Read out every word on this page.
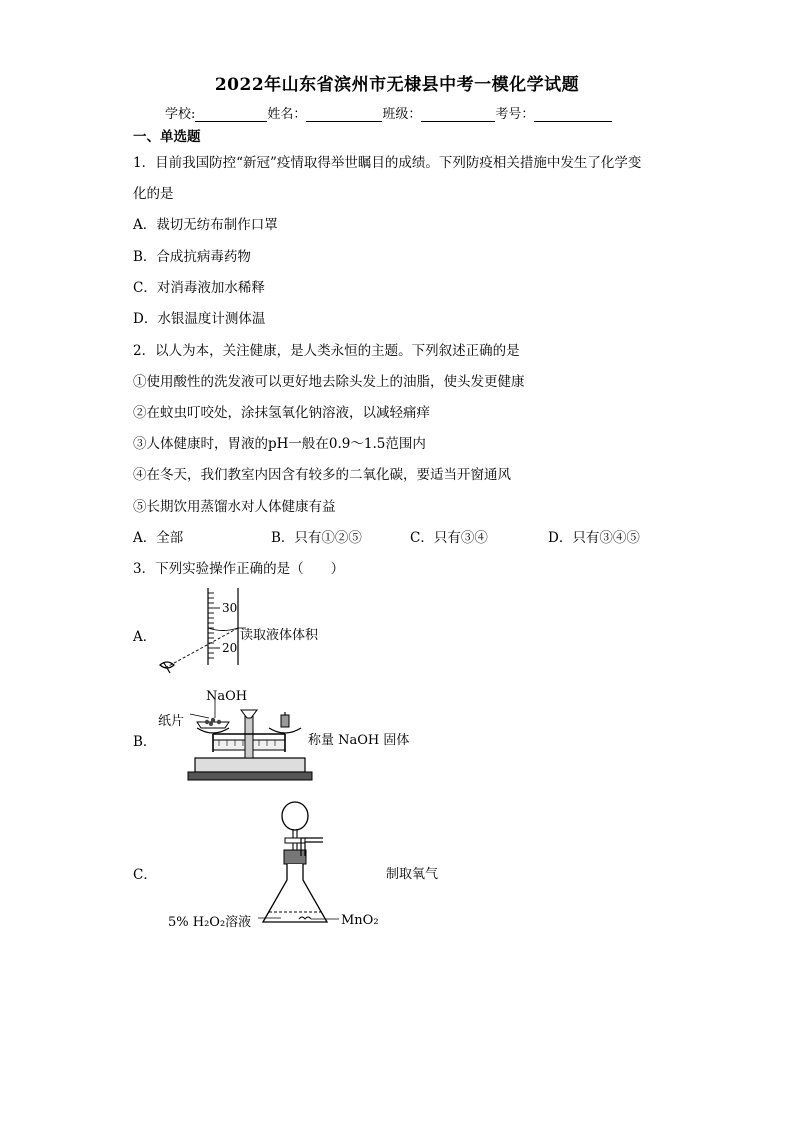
2022年山东省滨州市无棣县中考一模化学试题
学校:	姓名：	班级：	考号：
一、单选题
1．目前我国防控“新冠”疫情取得举世瞩目的成绩。下列防疫相关措施中发生了化学变
化的是
A．裁切无纺布制作口罩
B．合成抗病毒药物
C．对消毒液加水稀释
D．水银温度计测体温
2．以人为本，关注健康，是人类永恒的主题。下列叙述正确的是
①使用酸性的洗发液可以更好地去除头发上的油脂，使头发更健康
②在蚊虫叮咬处，涂抹氢氧化钠溶液，以减轻痛痒
③人体健康时，胃液的pH一般在0.9～1.5范围内
④在冬天，我们教室内因含有较多的二氧化碳，要适当开窗通风
⑤长期饮用蒸馏水对人体健康有益
A．全部	B．只有①②⑤	C．只有③④	D．只有③④⑤
3．下列实验操作正确的是（　　）
A．
30
20
读取液体体积
B．
NaOH
纸片
称量 NaOH 固体
C．	制取氧气
5% H₂O₂溶液	MnO₂
